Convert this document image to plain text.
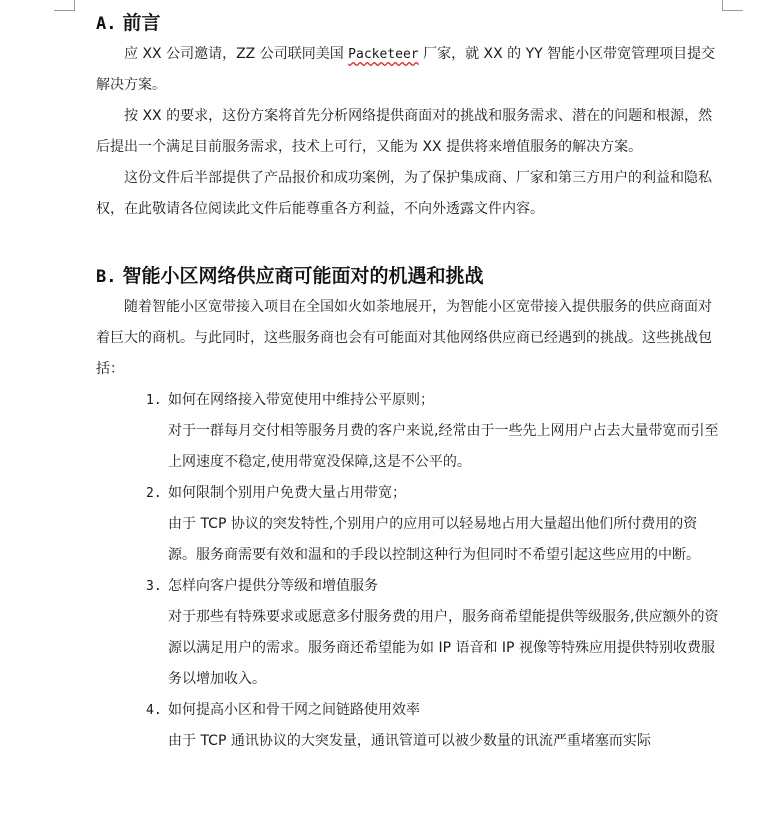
A. 前言

应 XX 公司邀请，ZZ 公司联同美国 Packeteer 厂家，就 XX 的 YY 智能小区带宽管理项目提交解决方案。

按 XX 的要求，这份方案将首先分析网络提供商面对的挑战和服务需求、潜在的问题和根源，然后提出一个满足目前服务需求，技术上可行，又能为 XX 提供将来增值服务的解决方案。

这份文件后半部提供了产品报价和成功案例，为了保护集成商、厂家和第三方用户的利益和隐私权，在此敬请各位阅读此文件后能尊重各方利益，不向外透露文件内容。

B. 智能小区网络供应商可能面对的机遇和挑战

随着智能小区宽带接入项目在全国如火如荼地展开，为智能小区宽带接入提供服务的供应商面对着巨大的商机。与此同时，这些服务商也会有可能面对其他网络供应商已经遇到的挑战。这些挑战包括：

1. 如何在网络接入带宽使用中维持公平原则；
对于一群每月交付相等服务月费的客户来说,经常由于一些先上网用户占去大量带宽而引至上网速度不稳定,使用带宽没保障,这是不公平的。
2. 如何限制个别用户免费大量占用带宽；
由于 TCP 协议的突发特性,个别用户的应用可以轻易地占用大量超出他们所付费用的资源。服务商需要有效和温和的手段以控制这种行为但同时不希望引起这些应用的中断。
3. 怎样向客户提供分等级和增值服务
对于那些有特殊要求或愿意多付服务费的用户，服务商希望能提供等级服务,供应额外的资源以满足用户的需求。服务商还希望能为如 IP 语音和 IP 视像等特殊应用提供特别收费服务以增加收入。
4. 如何提高小区和骨干网之间链路使用效率
由于 TCP 通讯协议的大突发量，通讯管道可以被少数量的讯流严重堵塞而实际
